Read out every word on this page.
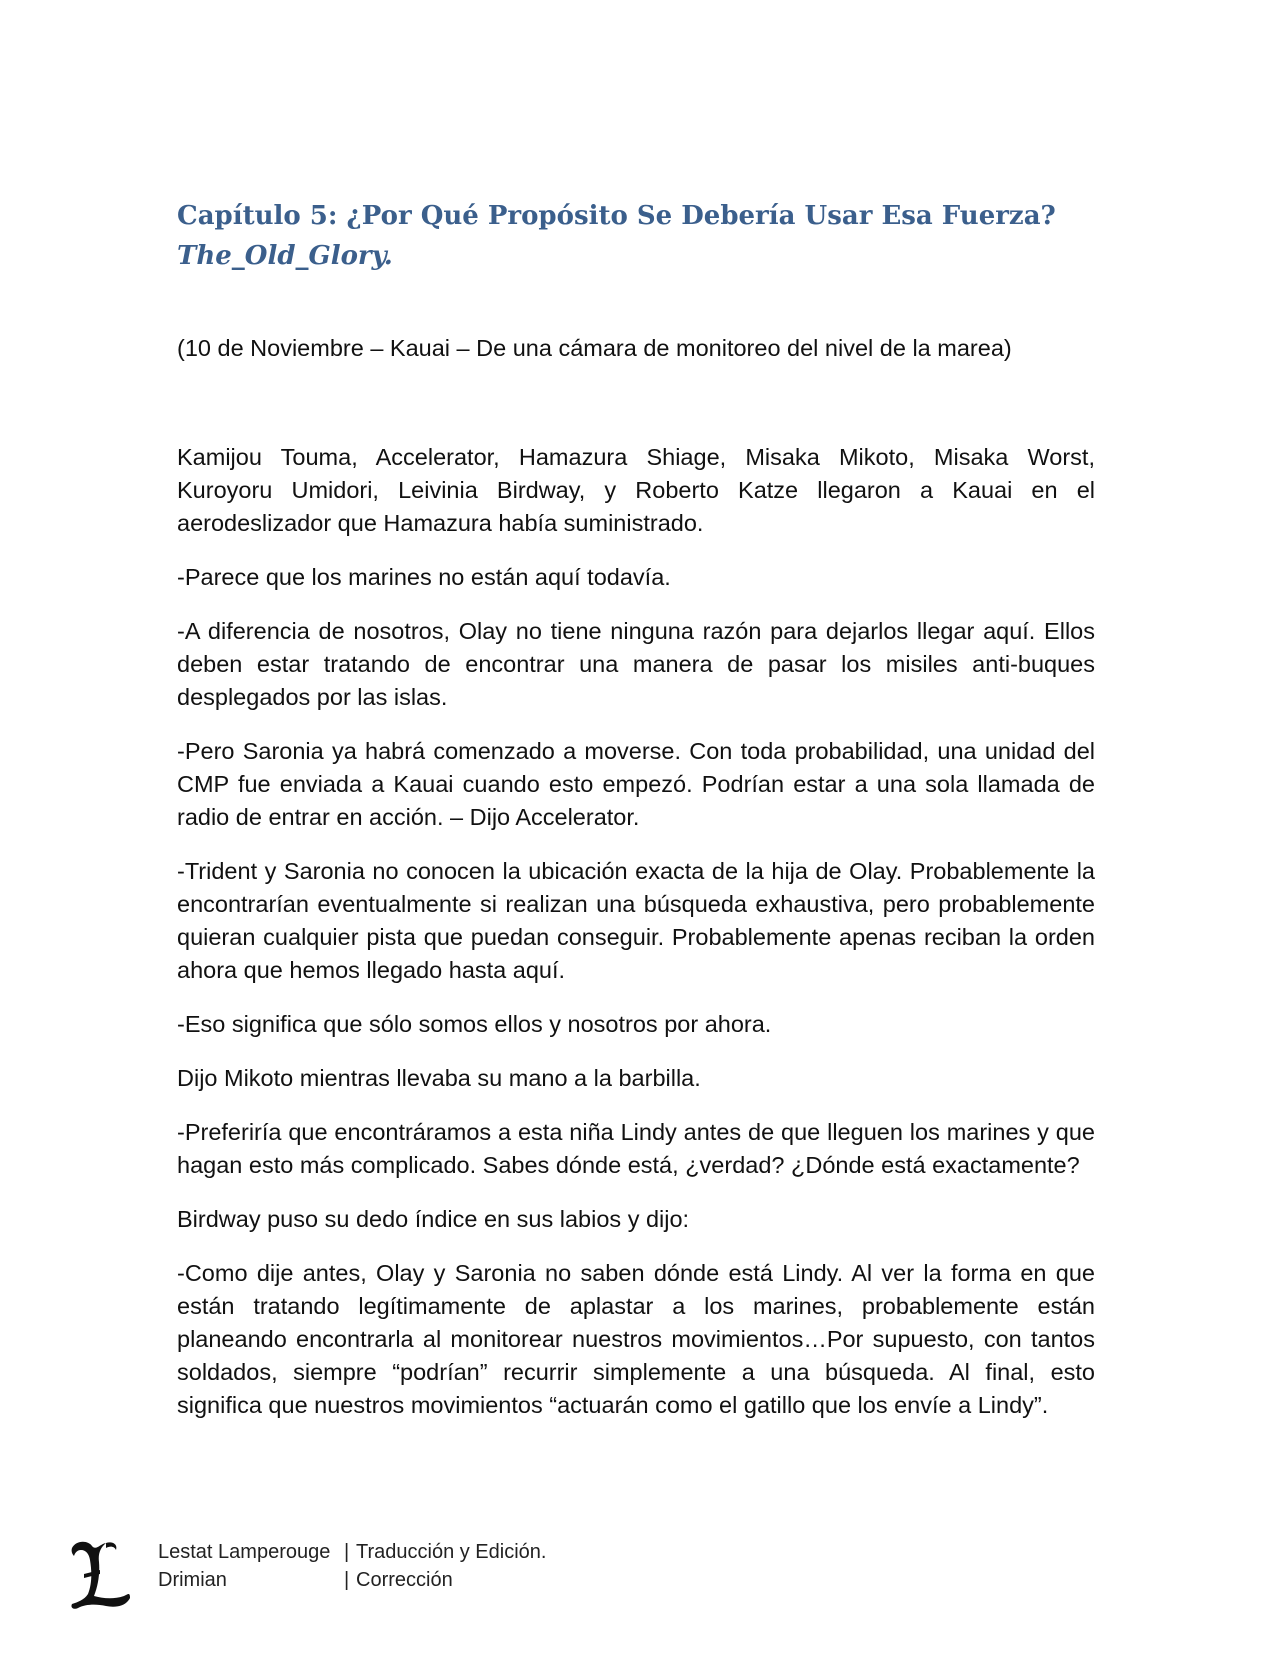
Capítulo 5: ¿Por Qué Propósito Se Debería Usar Esa Fuerza?
The_Old_Glory.

(10 de Noviembre – Kauai – De una cámara de monitoreo del nivel de la marea)

Kamijou Touma, Accelerator, Hamazura Shiage, Misaka Mikoto, Misaka Worst, Kuroyoru Umidori, Leivinia Birdway, y Roberto Katze llegaron a Kauai en el aerodeslizador que Hamazura había suministrado.

-Parece que los marines no están aquí todavía.

-A diferencia de nosotros, Olay no tiene ninguna razón para dejarlos llegar aquí. Ellos deben estar tratando de encontrar una manera de pasar los misiles anti-buques desplegados por las islas.

-Pero Saronia ya habrá comenzado a moverse. Con toda probabilidad, una unidad del CMP fue enviada a Kauai cuando esto empezó. Podrían estar a una sola llamada de radio de entrar en acción. – Dijo Accelerator.

-Trident y Saronia no conocen la ubicación exacta de la hija de Olay. Probablemente la encontrarían eventualmente si realizan una búsqueda exhaustiva, pero probablemente quieran cualquier pista que puedan conseguir. Probablemente apenas reciban la orden ahora que hemos llegado hasta aquí.

-Eso significa que sólo somos ellos y nosotros por ahora.

Dijo Mikoto mientras llevaba su mano a la barbilla.

-Preferiría que encontráramos a esta niña Lindy antes de que lleguen los marines y que hagan esto más complicado. Sabes dónde está, ¿verdad? ¿Dónde está exactamente?

Birdway puso su dedo índice en sus labios y dijo:

-Como dije antes, Olay y Saronia no saben dónde está Lindy. Al ver la forma en que están tratando legítimamente de aplastar a los marines, probablemente están planeando encontrarla al monitorear nuestros movimientos…Por supuesto, con tantos soldados, siempre “podrían” recurrir simplemente a una búsqueda. Al final, esto significa que nuestros movimientos “actuarán como el gatillo que los envíe a Lindy”.

Lestat Lamperouge | Traducción y Edición.
Drimian	| Corrección
